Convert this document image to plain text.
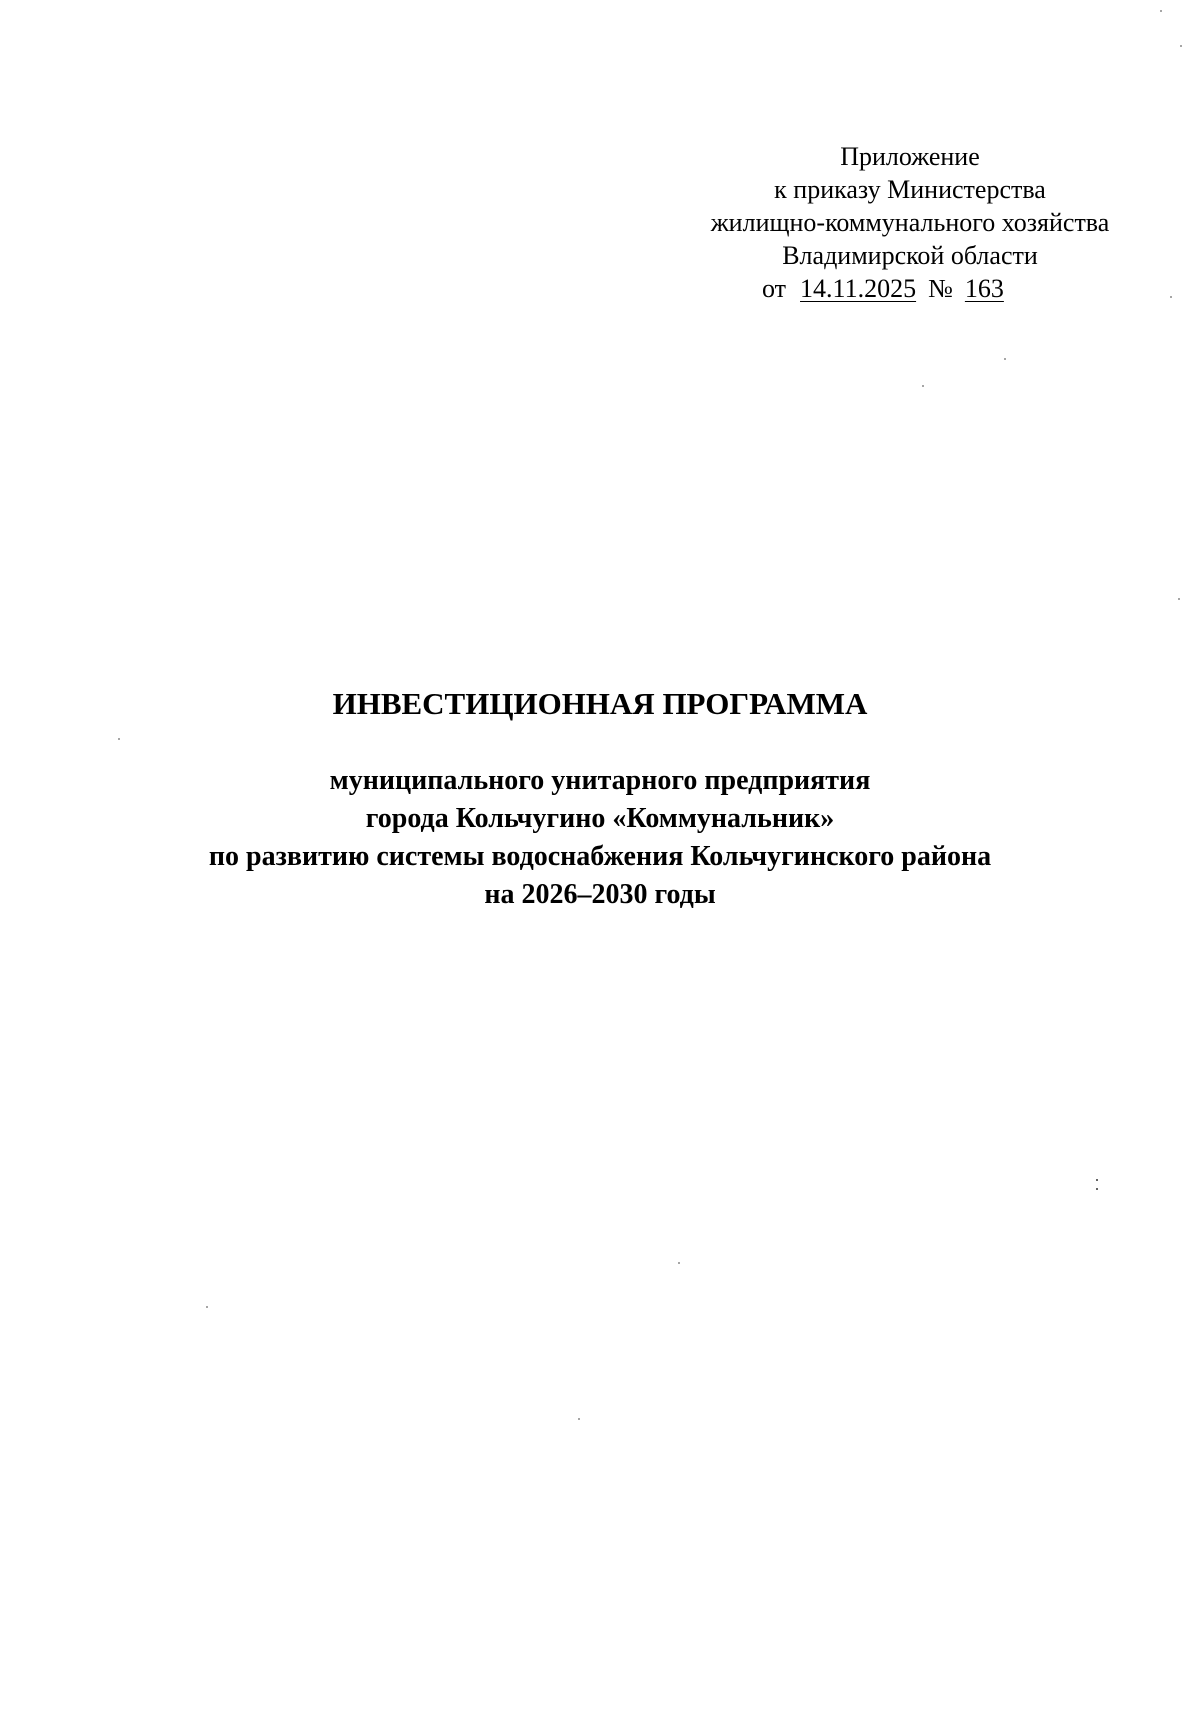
Приложение
к приказу Министерства
жилищно-коммунального хозяйства
Владимирской области
от 14.11.2025 № 163
ИНВЕСТИЦИОННАЯ ПРОГРАММА
муниципального унитарного предприятия
города Кольчугино «Коммунальник»
по развитию системы водоснабжения Кольчугинского района
на 2026–2030 годы
